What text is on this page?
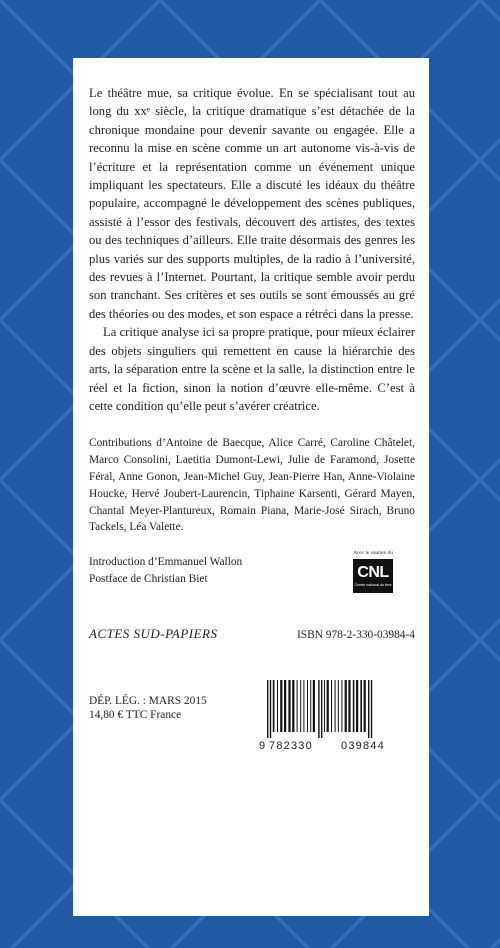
Le théâtre mue, sa critique évolue. En se spécialisant tout au long du xxᵉ siècle, la critique dramatique s’est détachée de la chronique mondaine pour devenir savante ou engagée. Elle a reconnu la mise en scène comme un art autonome vis-à-vis de l’écriture et la représentation comme un événement unique impliquant les spectateurs. Elle a discuté les idéaux du théâtre populaire, accompagné le développement des scènes publiques, assisté à l’essor des festivals, découvert des artistes, des textes ou des techniques d’ailleurs. Elle traite désormais des genres les plus variés sur des supports multiples, de la radio à l’université, des revues à l’Internet. Pourtant, la critique semble avoir perdu son tranchant. Ses critères et ses outils se sont émoussés au gré des théories ou des modes, et son espace a rétréci dans la presse.

La critique analyse ici sa propre pratique, pour mieux éclairer des objets singuliers qui remettent en cause la hiérarchie des arts, la séparation entre la scène et la salle, la distinction entre le réel et la fiction, sinon la notion d’œuvre elle-même. C’est à cette condition qu’elle peut s’avérer créatrice.

Contributions d’Antoine de Baecque, Alice Carré, Caroline Châtelet, Marco Consolini, Laetitia Dumont-Lewi, Julie de Faramond, Josette Féral, Anne Gonon, Jean-Michel Guy, Jean-Pierre Han, Anne-Violaine Houcke, Hervé Joubert-Laurencin, Tiphaine Karsenti, Gérard Mayen, Chantal Meyer-Plantureux, Romain Piana, Marie-José Sirach, Bruno Tackels, Léa Valette.

Introduction d’Emmanuel Wallon
Postface de Christian Biet
Avec le soutien du
CNL
Centre national du livre
ACTES SUD-PAPIERS	ISBN 978-2-330-03984-4
DÉP. LÉG. : MARS 2015
14,80 € TTC France
9 782330	039844
